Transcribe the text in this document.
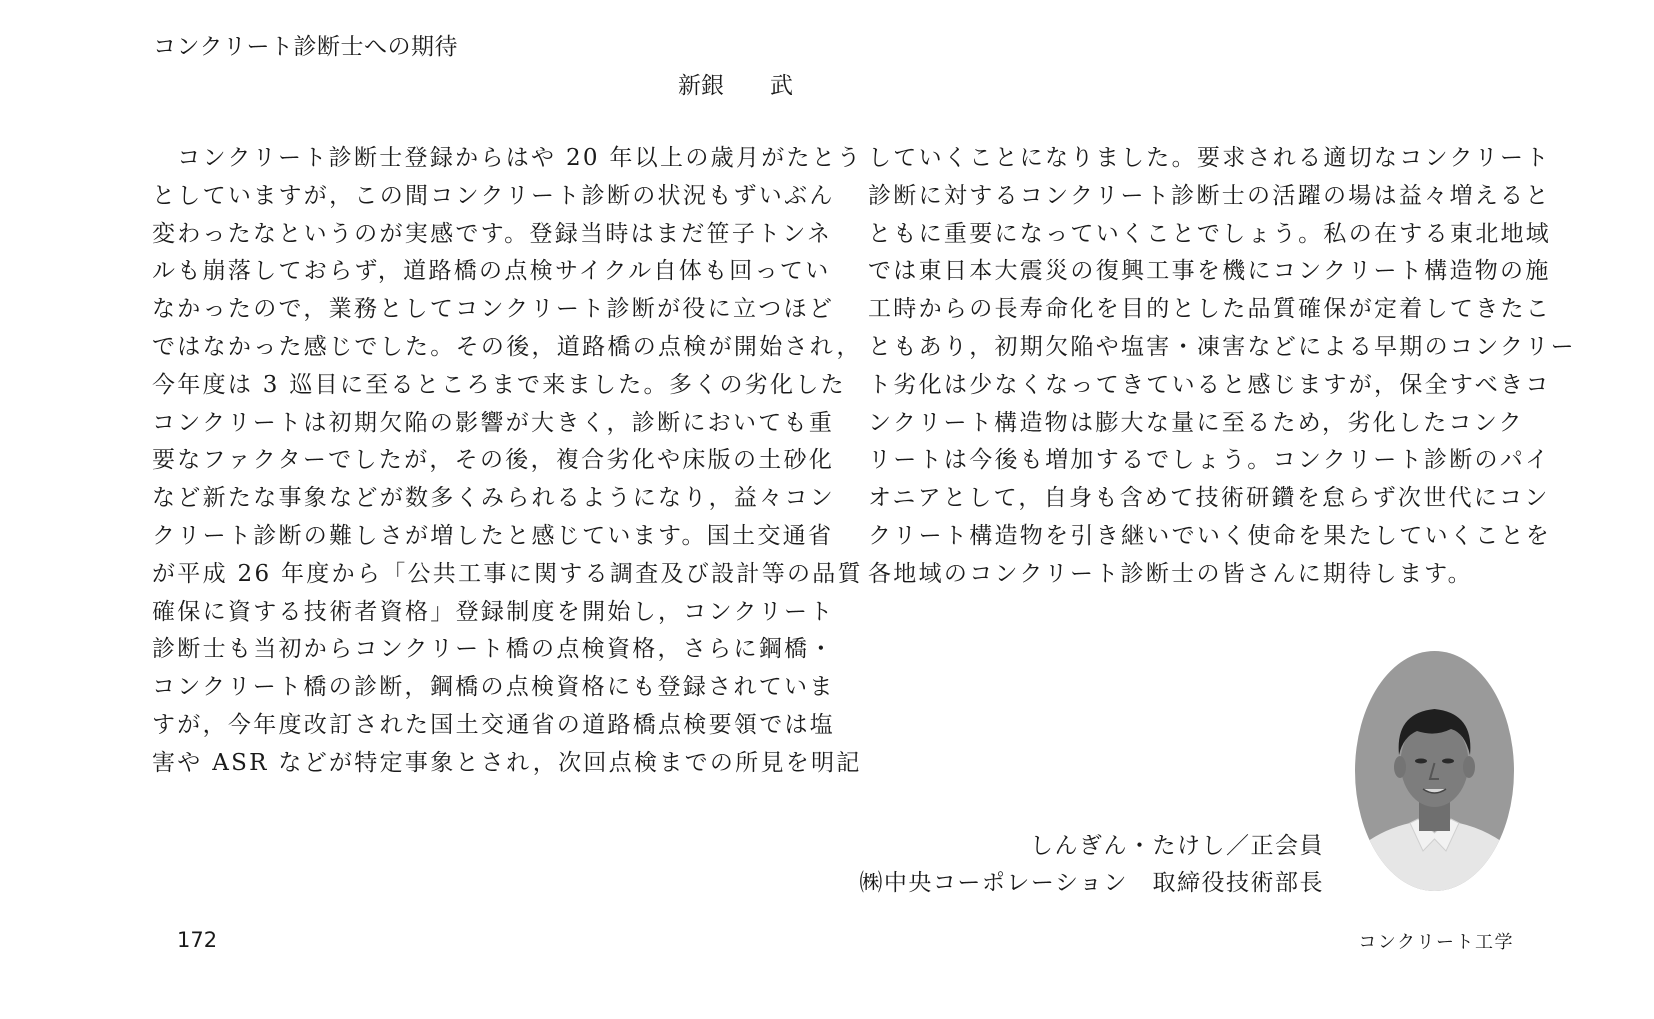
コンクリート診断士への期待
新銀　　武
　コンクリート診断士登録からはや 20 年以上の歳月がたとう
としていますが，この間コンクリート診断の状況もずいぶん
変わったなというのが実感です。登録当時はまだ笹子トンネ
ルも崩落しておらず，道路橋の点検サイクル自体も回ってい
なかったので，業務としてコンクリート診断が役に立つほど
ではなかった感じでした。その後，道路橋の点検が開始され，
今年度は 3 巡目に至るところまで来ました。多くの劣化した
コンクリートは初期欠陥の影響が大きく，診断においても重
要なファクターでしたが，その後，複合劣化や床版の土砂化
など新たな事象などが数多くみられるようになり，益々コン
クリート診断の難しさが増したと感じています。国土交通省
が平成 26 年度から「公共工事に関する調査及び設計等の品質
確保に資する技術者資格」登録制度を開始し，コンクリート
診断士も当初からコンクリート橋の点検資格，さらに鋼橋・
コンクリート橋の診断，鋼橋の点検資格にも登録されていま
すが，今年度改訂された国土交通省の道路橋点検要領では塩
害や ASR などが特定事象とされ，次回点検までの所見を明記
していくことになりました。要求される適切なコンクリート
診断に対するコンクリート診断士の活躍の場は益々増えると
ともに重要になっていくことでしょう。私の在する東北地域
では東日本大震災の復興工事を機にコンクリート構造物の施
工時からの長寿命化を目的とした品質確保が定着してきたこ
ともあり，初期欠陥や塩害・凍害などによる早期のコンクリー
ト劣化は少なくなってきていると感じますが，保全すべきコ
ンクリート構造物は膨大な量に至るため，劣化したコンク
リートは今後も増加するでしょう。コンクリート診断のパイ
オニアとして，自身も含めて技術研鑽を怠らず次世代にコン
クリート構造物を引き継いでいく使命を果たしていくことを
各地域のコンクリート診断士の皆さんに期待します。
しんぎん・たけし／正会員
㈱中央コーポレーション　取締役技術部長
172	コンクリート工学
